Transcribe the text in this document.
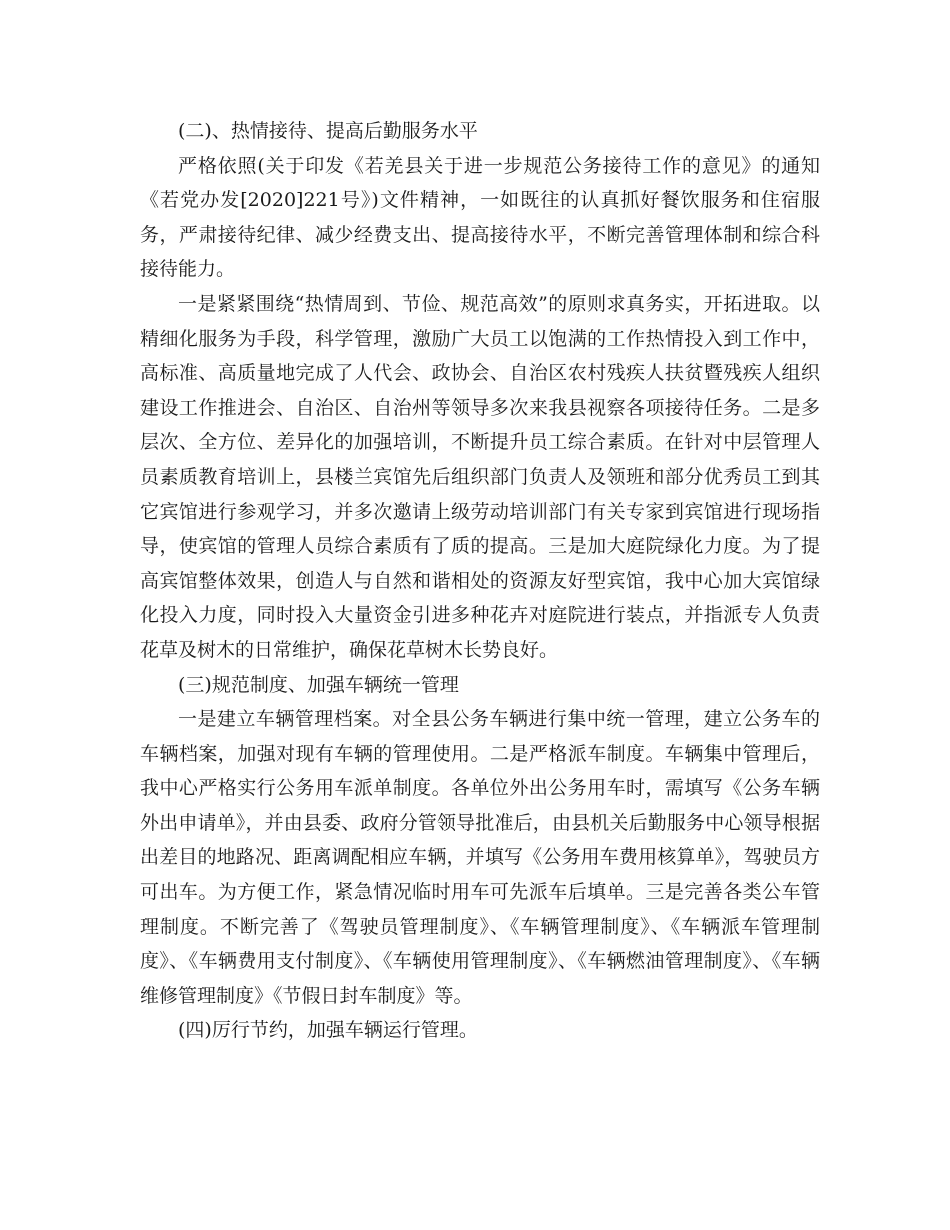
(二)、热情接待、提高后勤服务水平

严格依照(关于印发《若羌县关于进一步规范公务接待工作的意见》的通知《若党办发[2020]221号》)文件精神，一如既往的认真抓好餐饮服务和住宿服务，严肃接待纪律、减少经费支出、提高接待水平，不断完善管理体制和综合科接待能力。

一是紧紧围绕“热情周到、节俭、规范高效”的原则求真务实，开拓进取。以精细化服务为手段，科学管理，激励广大员工以饱满的工作热情投入到工作中，高标准、高质量地完成了人代会、政协会、自治区农村残疾人扶贫暨残疾人组织建设工作推进会、自治区、自治州等领导多次来我县视察各项接待任务。二是多层次、全方位、差异化的加强培训，不断提升员工综合素质。在针对中层管理人员素质教育培训上，县楼兰宾馆先后组织部门负责人及领班和部分优秀员工到其它宾馆进行参观学习，并多次邀请上级劳动培训部门有关专家到宾馆进行现场指导，使宾馆的管理人员综合素质有了质的提高。三是加大庭院绿化力度。为了提高宾馆整体效果，创造人与自然和谐相处的资源友好型宾馆，我中心加大宾馆绿化投入力度，同时投入大量资金引进多种花卉对庭院进行装点，并指派专人负责花草及树木的日常维护，确保花草树木长势良好。

(三)规范制度、加强车辆统一管理

一是建立车辆管理档案。对全县公务车辆进行集中统一管理，建立公务车的车辆档案，加强对现有车辆的管理使用。二是严格派车制度。车辆集中管理后，我中心严格实行公务用车派单制度。各单位外出公务用车时，需填写《公务车辆外出申请单》，并由县委、政府分管领导批准后，由县机关后勤服务中心领导根据出差目的地路况、距离调配相应车辆，并填写《公务用车费用核算单》，驾驶员方可出车。为方便工作，紧急情况临时用车可先派车后填单。三是完善各类公车管理制度。不断完善了《驾驶员管理制度》、《车辆管理制度》、《车辆派车管理制度》、《车辆费用支付制度》、《车辆使用管理制度》、《车辆燃油管理制度》、《车辆维修管理制度》《节假日封车制度》等。

(四)厉行节约，加强车辆运行管理。
